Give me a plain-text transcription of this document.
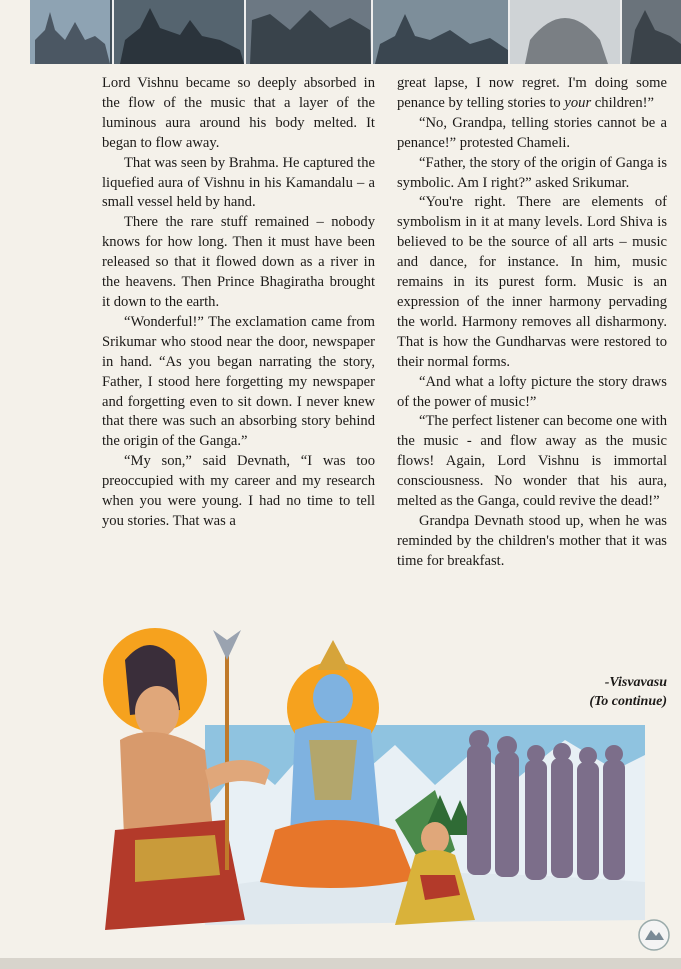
Lord Vishnu became so deeply absorbed in the flow of the music that a layer of the luminous aura around his body melted. It began to flow away.

That was seen by Brahma. He captured the liquefied aura of Vishnu in his Kamandalu – a small vessel held by hand.

There the rare stuff remained – nobody knows for how long. Then it must have been released so that it flowed down as a river in the heavens. Then Prince Bhagiratha brought it down to the earth.

“Wonderful!” The exclamation came from Srikumar who stood near the door, newspaper in hand. “As you began narrating the story, Father, I stood here forgetting my newspaper and forgetting even to sit down. I never knew that there was such an absorbing story behind the origin of the Ganga.”

“My son,” said Devnath, “I was too preoccupied with my career and my research when you were young. I had no time to tell you stories. That was a

great lapse, I now regret. I'm doing some penance by telling stories to your children!”

“No, Grandpa, telling stories cannot be a penance!” protested Chameli.

“Father, the story of the origin of Ganga is symbolic. Am I right?” asked Srikumar.

“You're right. There are elements of symbolism in it at many levels. Lord Shiva is believed to be the source of all arts – music and dance, for instance. In him, music remains in its purest form. Music is an expression of the inner harmony pervading the world. Harmony removes all disharmony. That is how the Gundharvas were restored to their normal forms.

“And what a lofty picture the story draws of the power of music!”

“The perfect listener can become one with the music - and flow away as the music flows! Again, Lord Vishnu is immortal consciousness. No wonder that his aura, melted as the Ganga, could revive the dead!”

Grandpa Devnath stood up, when he was reminded by the children's mother that it was time for breakfast.

-Visvavasu
(To continue)
